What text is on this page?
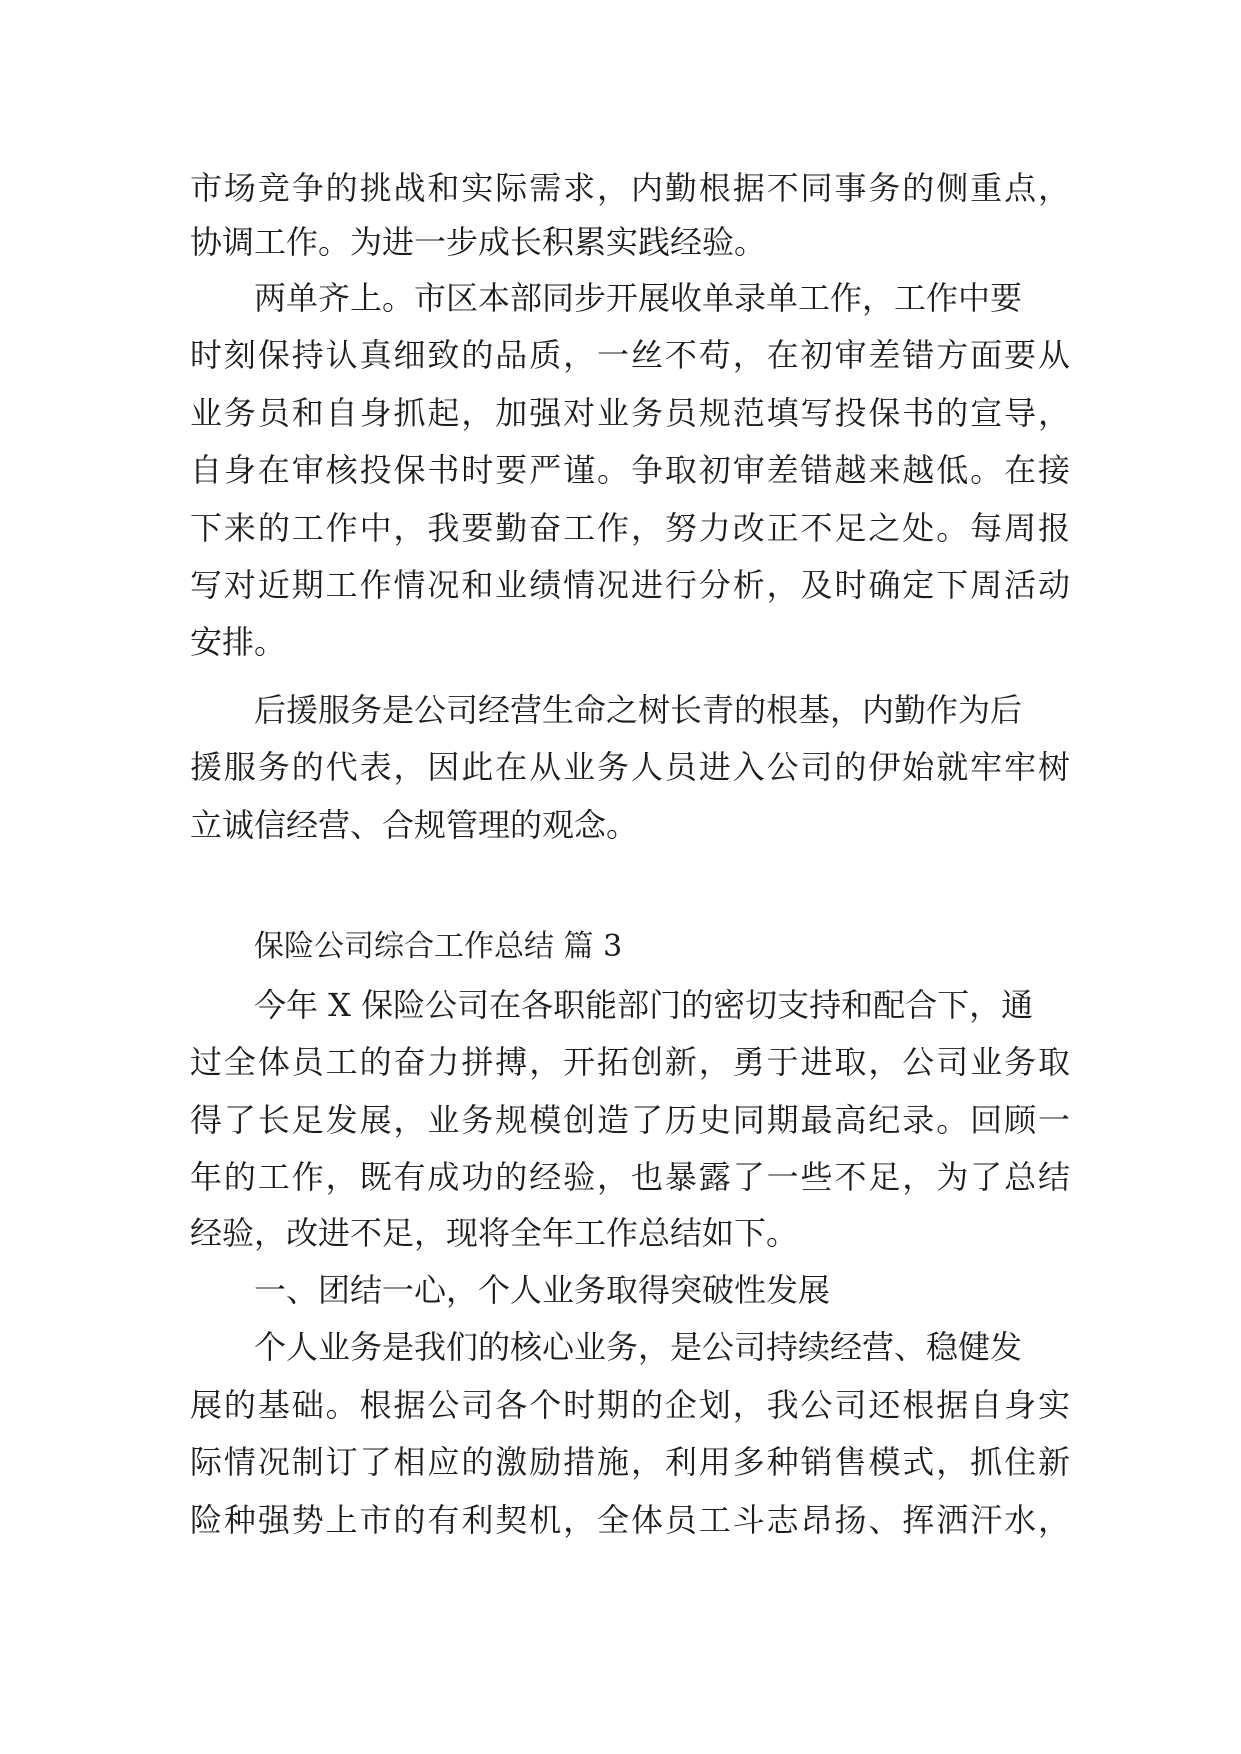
市场竞争的挑战和实际需求，内勤根据不同事务的侧重点，
协调工作。为进一步成长积累实践经验。
两单齐上。市区本部同步开展收单录单工作，工作中要
时刻保持认真细致的品质，一丝不苟，在初审差错方面要从
业务员和自身抓起，加强对业务员规范填写投保书的宣导，
自身在审核投保书时要严谨。争取初审差错越来越低。在接
下来的工作中，我要勤奋工作，努力改正不足之处。每周报
写对近期工作情况和业绩情况进行分析，及时确定下周活动
安排。
后援服务是公司经营生命之树长青的根基，内勤作为后
援服务的代表，因此在从业务人员进入公司的伊始就牢牢树
立诚信经营、合规管理的观念。
保险公司综合工作总结 篇 3
今年 X 保险公司在各职能部门的密切支持和配合下，通
过全体员工的奋力拼搏，开拓创新，勇于进取，公司业务取
得了长足发展，业务规模创造了历史同期最高纪录。回顾一
年的工作，既有成功的经验，也暴露了一些不足，为了总结
经验，改进不足，现将全年工作总结如下。
一、团结一心，个人业务取得突破性发展
个人业务是我们的核心业务，是公司持续经营、稳健发
展的基础。根据公司各个时期的企划，我公司还根据自身实
际情况制订了相应的激励措施，利用多种销售模式，抓住新
险种强势上市的有利契机，全体员工斗志昂扬、挥洒汗水，
